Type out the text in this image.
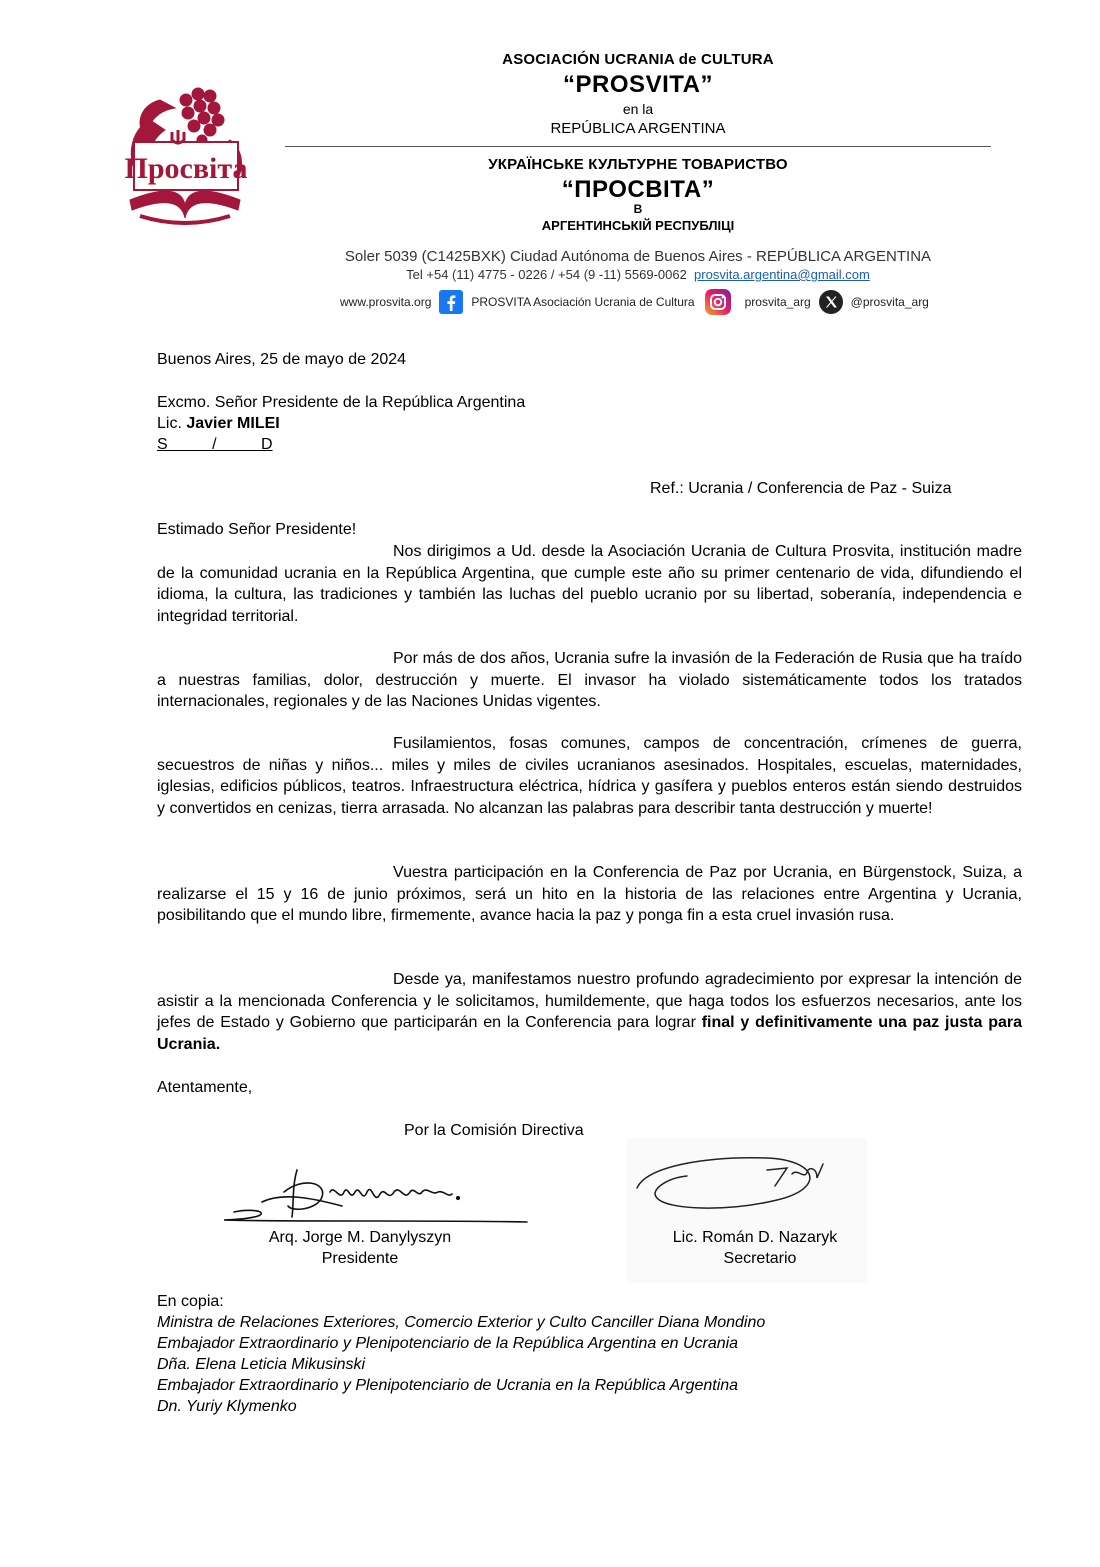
Просвіта
ASOCIACIÓN UCRANIA de CULTURA
“PROSVITA”
en la
REPÚBLICA ARGENTINA
УКРАЇНСЬКЕ КУЛЬТУРНЕ ТОВАРИСТВО
“ПРОСВІТА”
В
АРГЕНТИНСЬКІЙ РЕСПУБЛІЦІ
Soler 5039 (C1425BXK) Ciudad Autónoma de Buenos Aires - REPÚBLICA ARGENTINA
Tel +54 (11) 4775 - 0226 / +54 (9 -11) 5569-0062 prosvita.argentina@gmail.com
www.prosvita.org	PROSVITA Asociación Ucrania de Cultura	prosvita_arg	@prosvita_arg
Buenos Aires, 25 de mayo de 2024
Excmo. Señor Presidente de la República Argentina
Lic. Javier MILEI
S / D
Ref.: Ucrania / Conferencia de Paz - Suiza
Estimado Señor Presidente!
Nos dirigimos a Ud. desde la Asociación Ucrania de Cultura Prosvita, institución madre de la comunidad ucrania en la República Argentina, que cumple este año su primer centenario de vida, difundiendo el idioma, la cultura, las tradiciones y también las luchas del pueblo ucranio por su libertad, soberanía, independencia e integridad territorial.
Por más de dos años, Ucrania sufre la invasión de la Federación de Rusia que ha traído a nuestras familias, dolor, destrucción y muerte. El invasor ha violado sistemáticamente todos los tratados internacionales, regionales y de las Naciones Unidas vigentes.
Fusilamientos, fosas comunes, campos de concentración, crímenes de guerra, secuestros de niñas y niños... miles y miles de civiles ucranianos asesinados. Hospitales, escuelas, maternidades, iglesias, edificios públicos, teatros. Infraestructura eléctrica, hídrica y gasífera y pueblos enteros están siendo destruidos y convertidos en cenizas, tierra arrasada. No alcanzan las palabras para describir tanta destrucción y muerte!
Vuestra participación en la Conferencia de Paz por Ucrania, en Bürgenstock, Suiza, a realizarse el 15 y 16 de junio próximos, será un hito en la historia de las relaciones entre Argentina y Ucrania, posibilitando que el mundo libre, firmemente, avance hacia la paz y ponga fin a esta cruel invasión rusa.
Desde ya, manifestamos nuestro profundo agradecimiento por expresar la intención de asistir a la mencionada Conferencia y le solicitamos, humildemente, que haga todos los esfuerzos necesarios, ante los jefes de Estado y Gobierno que participarán en la Conferencia para lograr final y definitivamente una paz justa para Ucrania.
Atentamente,
Por la Comisión Directiva
Arq. Jorge M. Danylyszyn
Presidente
Lic. Román D. Nazaryk
Secretario
En copia:
Ministra de Relaciones Exteriores, Comercio Exterior y Culto Canciller Diana Mondino
Embajador Extraordinario y Plenipotenciario de la República Argentina en Ucrania
Dña. Elena Leticia Mikusinski
Embajador Extraordinario y Plenipotenciario de Ucrania en la República Argentina
Dn. Yuriy Klymenko
